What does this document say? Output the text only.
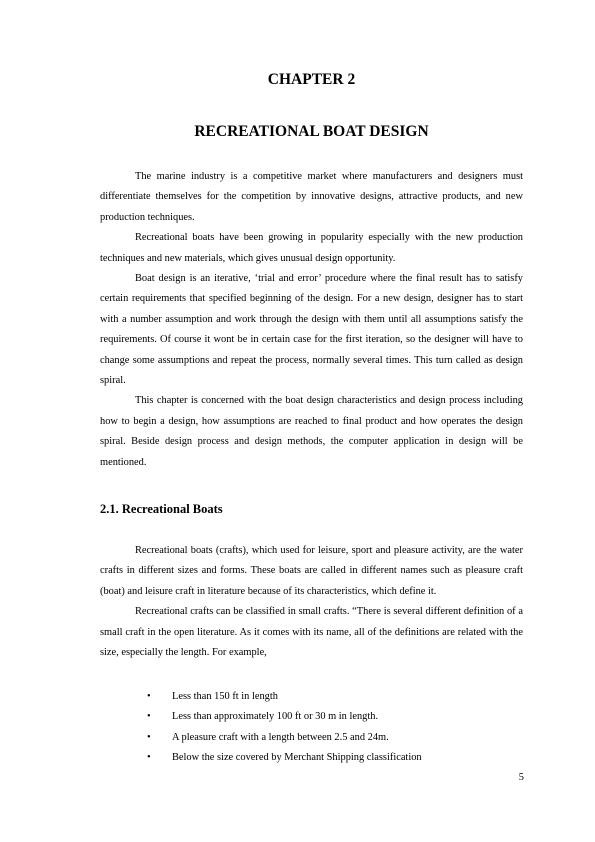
CHAPTER 2
RECREATIONAL BOAT DESIGN

The marine industry is a competitive market where manufacturers and designers must differentiate themselves for the competition by innovative designs, attractive products, and new production techniques.

Recreational boats have been growing in popularity especially with the new production techniques and new materials, which gives unusual design opportunity.

Boat design is an iterative, ‘trial and error’ procedure where the final result has to satisfy certain requirements that specified beginning of the design. For a new design, designer has to start with a number assumption and work through the design with them until all assumptions satisfy the requirements. Of course it wont be in certain case for the first iteration, so the designer will have to change some assumptions and repeat the process, normally several times. This turn called as design spiral.

This chapter is concerned with the boat design characteristics and design process including how to begin a design, how assumptions are reached to final product and how operates the design spiral. Beside design process and design methods, the computer application in design will be mentioned.

2.1. Recreational Boats

Recreational boats (crafts), which used for leisure, sport and pleasure activity, are the water crafts in different sizes and forms. These boats are called in different names such as pleasure craft (boat) and leisure craft in literature because of its characteristics, which define it.

Recreational crafts can be classified in small crafts. “There is several different definition of a small craft in the open literature. As it comes with its name, all of the definitions are related with the size, especially the length. For example,

• Less than 150 ft in length
• Less than approximately 100 ft or 30 m in length.
• A pleasure craft with a length between 2.5 and 24m.
• Below the size covered by Merchant Shipping classification
5
